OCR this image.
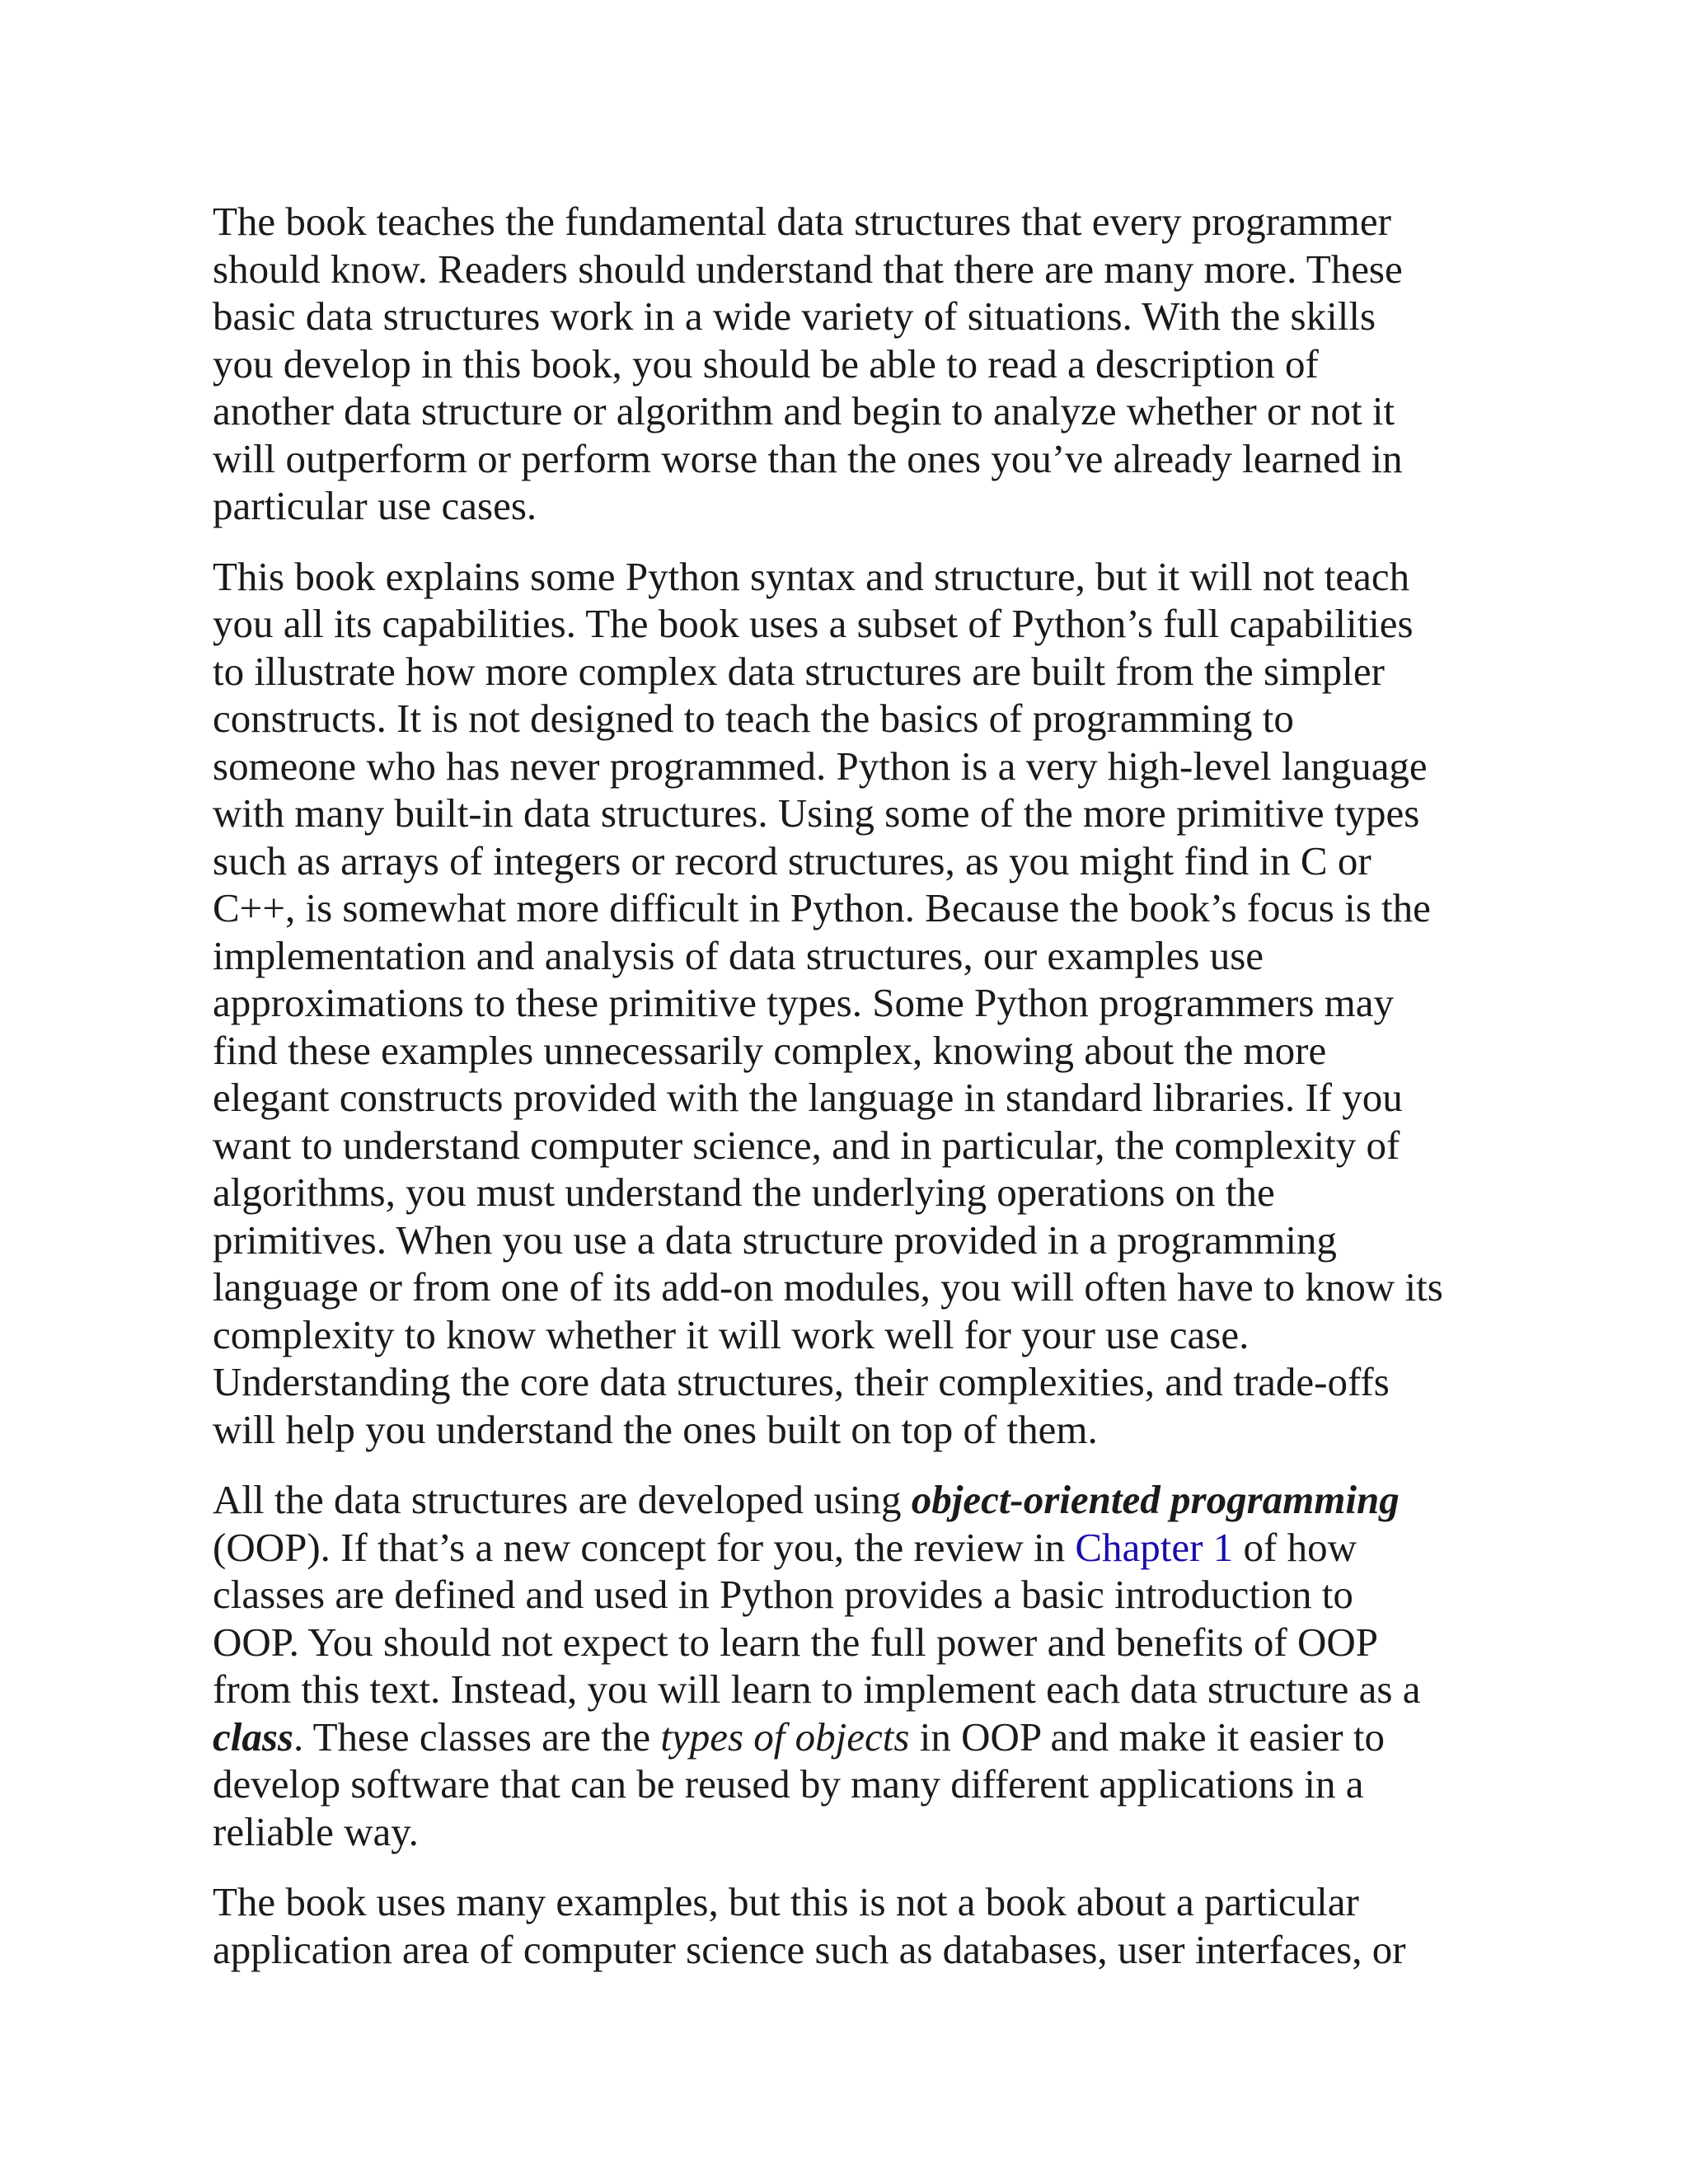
The book teaches the fundamental data structures that every programmer
should know. Readers should understand that there are many more. These
basic data structures work in a wide variety of situations. With the skills
you develop in this book, you should be able to read a description of
another data structure or algorithm and begin to analyze whether or not it
will outperform or perform worse than the ones you’ve already learned in
particular use cases.

This book explains some Python syntax and structure, but it will not teach
you all its capabilities. The book uses a subset of Python’s full capabilities
to illustrate how more complex data structures are built from the simpler
constructs. It is not designed to teach the basics of programming to
someone who has never programmed. Python is a very high-level language
with many built-in data structures. Using some of the more primitive types
such as arrays of integers or record structures, as you might find in C or
C++, is somewhat more difficult in Python. Because the book’s focus is the
implementation and analysis of data structures, our examples use
approximations to these primitive types. Some Python programmers may
find these examples unnecessarily complex, knowing about the more
elegant constructs provided with the language in standard libraries. If you
want to understand computer science, and in particular, the complexity of
algorithms, you must understand the underlying operations on the
primitives. When you use a data structure provided in a programming
language or from one of its add-on modules, you will often have to know its
complexity to know whether it will work well for your use case.
Understanding the core data structures, their complexities, and trade-offs
will help you understand the ones built on top of them.

All the data structures are developed using object-oriented programming
(OOP). If that’s a new concept for you, the review in Chapter 1 of how
classes are defined and used in Python provides a basic introduction to
OOP. You should not expect to learn the full power and benefits of OOP
from this text. Instead, you will learn to implement each data structure as a
class. These classes are the types of objects in OOP and make it easier to
develop software that can be reused by many different applications in a
reliable way.

The book uses many examples, but this is not a book about a particular
application area of computer science such as databases, user interfaces, or
